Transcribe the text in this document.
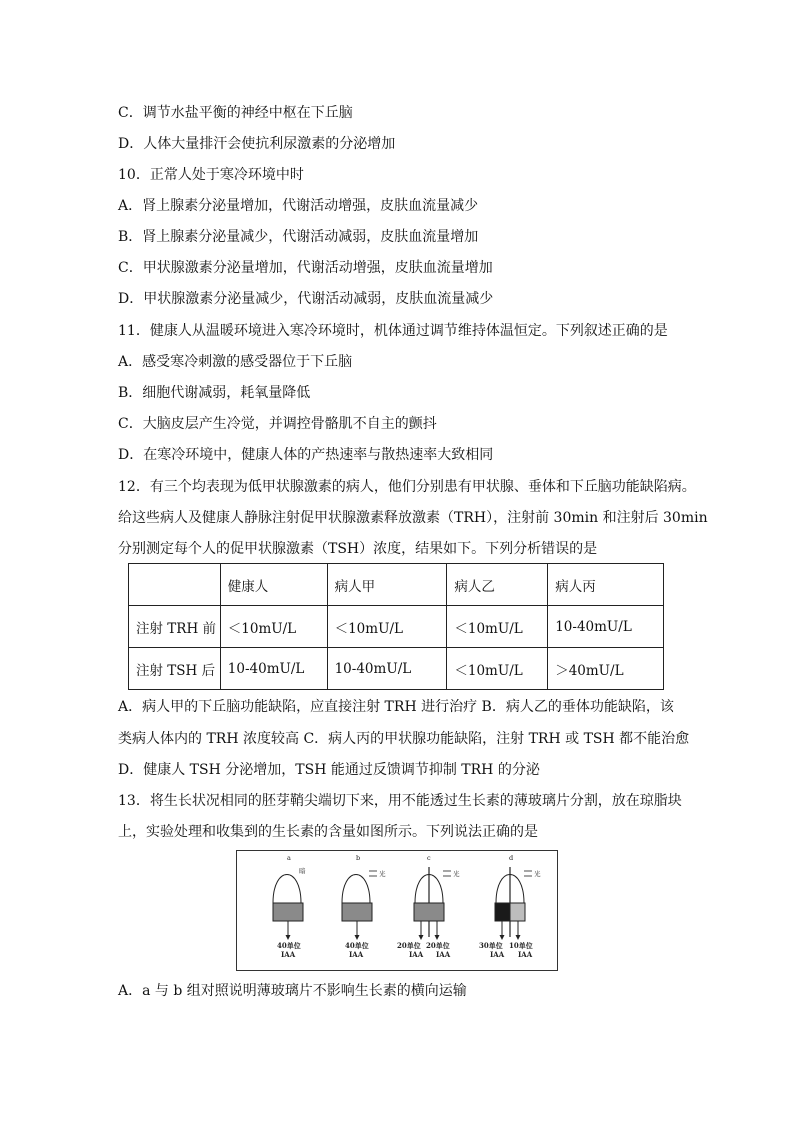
C．调节水盐平衡的神经中枢在下丘脑
D．人体大量排汗会使抗利尿激素的分泌增加
10．正常人处于寒冷环境中时
A．肾上腺素分泌量增加，代谢活动增强，皮肤血流量减少
B．肾上腺素分泌量减少，代谢活动减弱，皮肤血流量增加
C．甲状腺激素分泌量增加，代谢活动增强，皮肤血流量增加
D．甲状腺激素分泌量减少，代谢活动减弱，皮肤血流量减少
11．健康人从温暖环境进入寒冷环境时，机体通过调节维持体温恒定。下列叙述正确的是
A．感受寒冷刺激的感受器位于下丘脑
B．细胞代谢减弱，耗氧量降低
C．大脑皮层产生冷觉，并调控骨骼肌不自主的颤抖
D．在寒冷环境中，健康人体的产热速率与散热速率大致相同
12．有三个均表现为低甲状腺激素的病人，他们分别患有甲状腺、垂体和下丘脑功能缺陷病。
给这些病人及健康人静脉注射促甲状腺激素释放激素（TRH），注射前 30min 和注射后 30min
分别测定每个人的促甲状腺激素（TSH）浓度，结果如下。下列分析错误的是
	健康人	病人甲	病人乙	病人丙
注射 TRH 前	＜10mU/L	＜10mU/L	＜10mU/L	10-40mU/L
注射 TSH 后	10-40mU/L	10-40mU/L	＜10mU/L	＞40mU/L
A．病人甲的下丘脑功能缺陷，应直接注射 TRH 进行治疗 B．病人乙的垂体功能缺陷，该
类病人体内的 TRH 浓度较高 C．病人丙的甲状腺功能缺陷，注射 TRH 或 TSH 都不能治愈
D．健康人 TSH 分泌增加，TSH 能通过反馈调节抑制 TRH 的分泌
13．将生长状况相同的胚芽鞘尖端切下来，用不能透过生长素的薄玻璃片分割，放在琼脂块
上，实验处理和收集到的生长素的含量如图所示。下列说法正确的是
a
暗
40单位
IAA
b
光
40单位
IAA
c
光
20单位 20单位
IAA IAA
d
光
30单位 10单位
IAA IAA
A．a 与 b 组对照说明薄玻璃片不影响生长素的横向运输
